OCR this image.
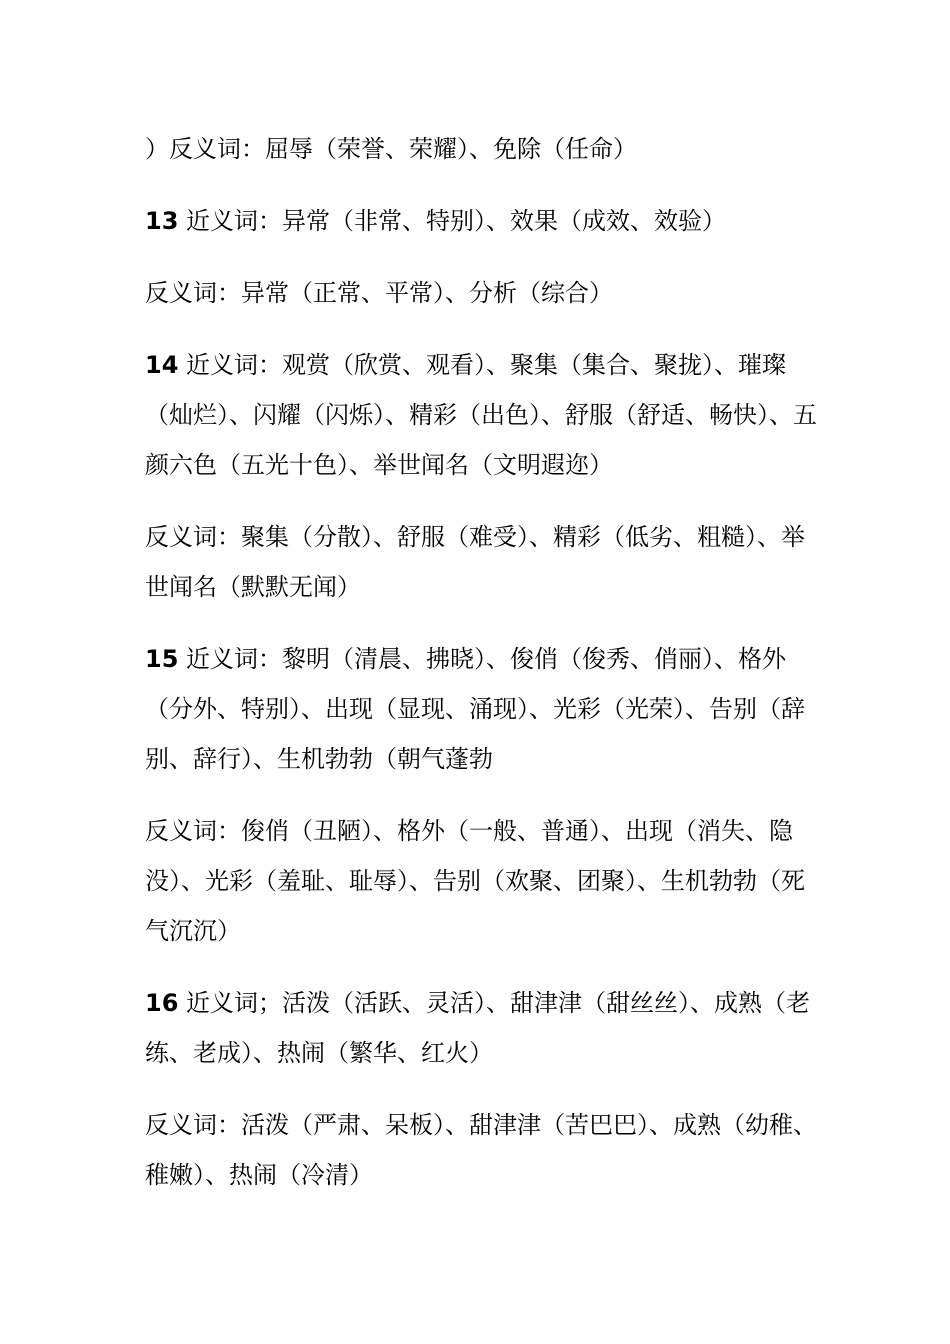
）反义词：屈辱（荣誉、荣耀）、免除（任命）

13 近义词：异常（非常、特别）、效果（成效、效验）

反义词：异常（正常、平常）、分析（综合）

14 近义词：观赏（欣赏、观看）、聚集（集合、聚拢）、璀璨（灿烂）、闪耀（闪烁）、精彩（出色）、舒服（舒适、畅快）、五颜六色（五光十色）、举世闻名（文明遐迩）

反义词：聚集（分散）、舒服（难受）、精彩（低劣、粗糙）、举世闻名（默默无闻）

15 近义词：黎明（清晨、拂晓）、俊俏（俊秀、俏丽）、格外（分外、特别）、出现（显现、涌现）、光彩（光荣）、告别（辞别、辞行）、生机勃勃（朝气蓬勃

反义词：俊俏（丑陋）、格外（一般、普通）、出现（消失、隐没）、光彩（羞耻、耻辱）、告别（欢聚、团聚）、生机勃勃（死气沉沉）

16 近义词；活泼（活跃、灵活）、甜津津（甜丝丝）、成熟（老练、老成）、热闹（繁华、红火）

反义词：活泼（严肃、呆板）、甜津津（苦巴巴）、成熟（幼稚、稚嫩）、热闹（冷清）
